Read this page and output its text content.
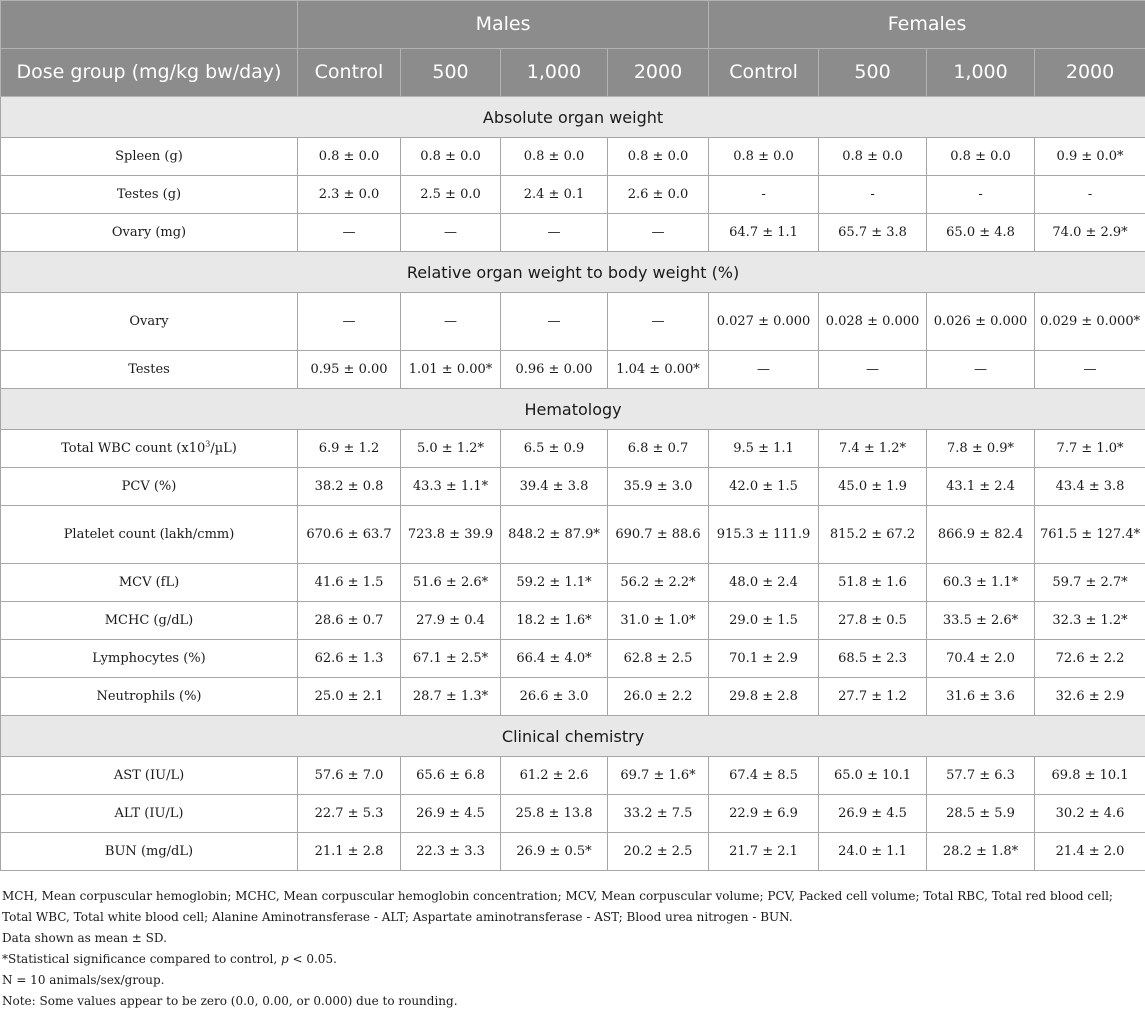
	Males				Females			
Dose group (mg/kg bw/day)	Control	500	1,000	2000	Control	500	1,000	2000
Absolute organ weight								
Spleen (g)	0.8 ± 0.0	0.8 ± 0.0	0.8 ± 0.0	0.8 ± 0.0	0.8 ± 0.0	0.8 ± 0.0	0.8 ± 0.0	0.9 ± 0.0*
Testes (g)	2.3 ± 0.0	2.5 ± 0.0	2.4 ± 0.1	2.6 ± 0.0	-	-	-	-
Ovary (mg)	—	—	—	—	64.7 ± 1.1	65.7 ± 3.8	65.0 ± 4.8	74.0 ± 2.9*
Relative organ weight to body weight (%)								
Ovary	—	—	—	—	0.027 ± 0.000	0.028 ± 0.000	0.026 ± 0.000	0.029 ± 0.000*
Testes	0.95 ± 0.00	1.01 ± 0.00*	0.96 ± 0.00	1.04 ± 0.00*	—	—	—	—
Hematology								
Total WBC count $(x10^3/\mu L)$	6.9 ± 1.2	5.0 ± 1.2*	6.5 ± 0.9	6.8 ± 0.7	9.5 ± 1.1	7.4 ± 1.2*	7.8 ± 0.9*	7.7 ± 1.0*
PCV (%)	38.2 ± 0.8	43.3 ± 1.1*	39.4 ± 3.8	35.9 ± 3.0	42.0 ± 1.5	45.0 ± 1.9	43.1 ± 2.4	43.4 ± 3.8
Platelet count (lakh/cmm)	670.6 ± 63.7	723.8 ± 39.9	848.2 ± 87.9*	690.7 ± 88.6	915.3 ± 111.9	815.2 ± 67.2	866.9 ± 82.4	761.5 ± 127.4*
MCV (fL)	41.6 ± 1.5	51.6 ± 2.6*	59.2 ± 1.1*	56.2 ± 2.2*	48.0 ± 2.4	51.8 ± 1.6	60.3 ± 1.1*	59.7 ± 2.7*
MCHC (g/dL)	28.6 ± 0.7	27.9 ± 0.4	18.2 ± 1.6*	31.0 ± 1.0*	29.0 ± 1.5	27.8 ± 0.5	33.5 ± 2.6*	32.3 ± 1.2*
Lymphocytes (%)	62.6 ± 1.3	67.1 ± 2.5*	66.4 ± 4.0*	62.8 ± 2.5	70.1 ± 2.9	68.5 ± 2.3	70.4 ± 2.0	72.6 ± 2.2
Neutrophils (%)	25.0 ± 2.1	28.7 ± 1.3*	26.6 ± 3.0	26.0 ± 2.2	29.8 ± 2.8	27.7 ± 1.2	31.6 ± 3.6	32.6 ± 2.9
Clinical chemistry								
AST (IU/L)	57.6 ± 7.0	65.6 ± 6.8	61.2 ± 2.6	69.7 ± 1.6*	67.4 ± 8.5	65.0 ± 10.1	57.7 ± 6.3	69.8 ± 10.1
ALT (IU/L)	22.7 ± 5.3	26.9 ± 4.5	25.8 ± 13.8	33.2 ± 7.5	22.9 ± 6.9	26.9 ± 4.5	28.5 ± 5.9	30.2 ± 4.6
BUN (mg/dL)	21.1 ± 2.8	22.3 ± 3.3	26.9 ± 0.5*	20.2 ± 2.5	21.7 ± 2.1	24.0 ± 1.1	28.2 ± 1.8*	21.4 ± 2.0

MCH, Mean corpuscular hemoglobin; MCHC, Mean corpuscular hemoglobin concentration; MCV, Mean corpuscular volume; PCV, Packed cell volume; Total RBC, Total red blood cell; Total WBC, Total white blood cell; Alanine Aminotransferase - ALT; Aspartate aminotransferase - AST; Blood urea nitrogen - BUN.

Data shown as mean ± SD.

*Statistical significance compared to control, p < 0.05.

N = 10 animals/sex/group.

Note: Some values appear to be zero (0.0, 0.00, or 0.000) due to rounding.
